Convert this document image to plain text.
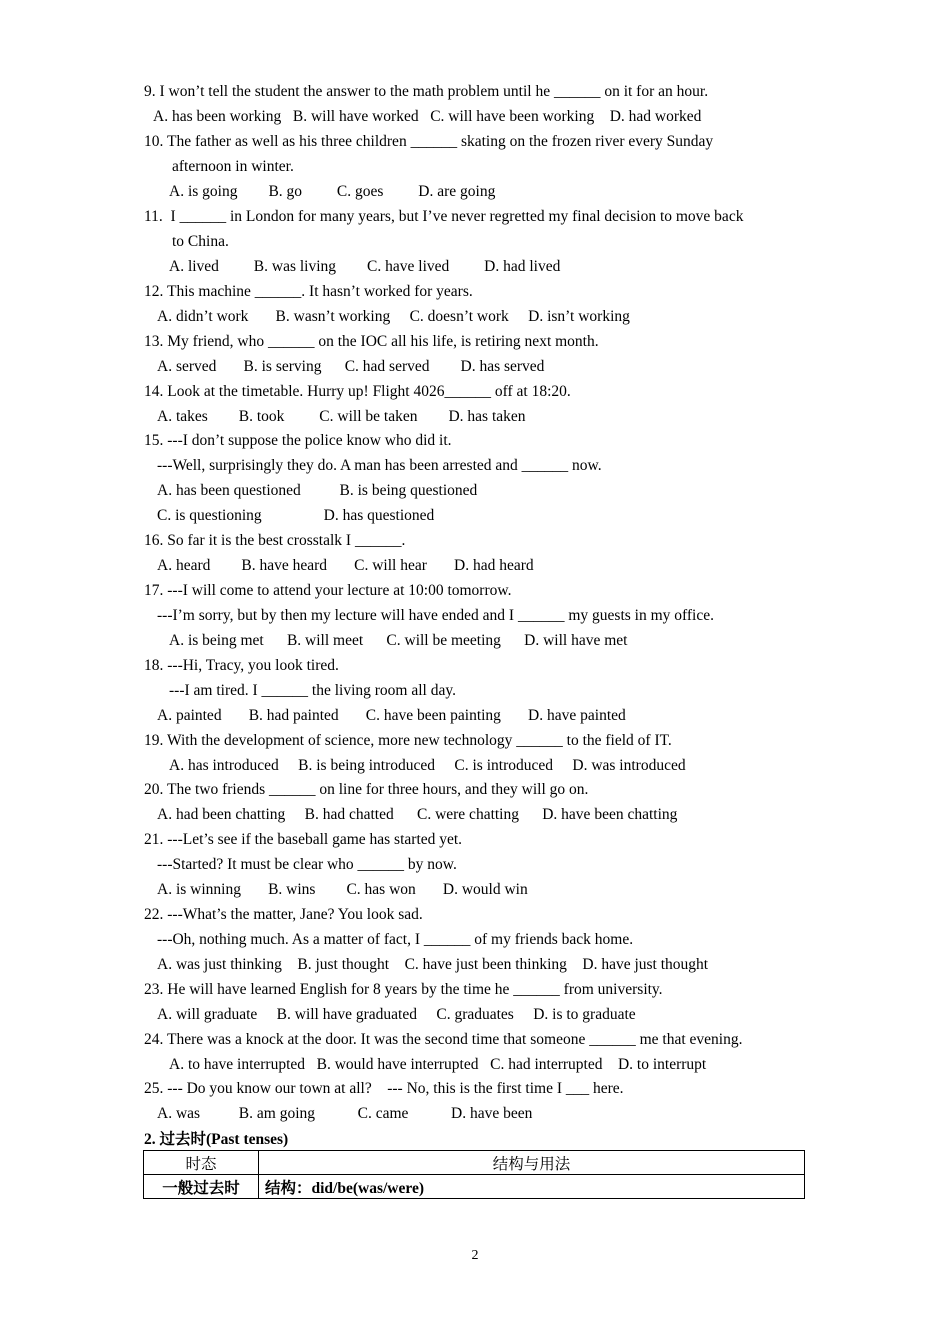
9. I won’t tell the student the answer to the math problem until he ______ on it for an hour.
A. has been working   B. will have worked   C. will have been working    D. had worked
10. The father as well as his three children ______ skating on the frozen river every Sunday
afternoon in winter.
A. is going        B. go         C. goes         D. are going
11.  I ______ in London for many years, but I’ve never regretted my final decision to move back
to China.
A. lived         B. was living        C. have lived         D. had lived
12. This machine ______. It hasn’t worked for years.
A. didn’t work       B. wasn’t working     C. doesn’t work     D. isn’t working
13. My friend, who ______ on the IOC all his life, is retiring next month.
A. served       B. is serving      C. had served        D. has served
14. Look at the timetable. Hurry up! Flight 4026______ off at 18:20.
A. takes        B. took         C. will be taken        D. has taken
15. ---I don’t suppose the police know who did it.
---Well, surprisingly they do. A man has been arrested and ______ now.
A. has been questioned          B. is being questioned
C. is questioning                D. has questioned
16. So far it is the best crosstalk I ______.
A. heard        B. have heard       C. will hear       D. had heard
17. ---I will come to attend your lecture at 10:00 tomorrow.
---I’m sorry, but by then my lecture will have ended and I ______ my guests in my office.
A. is being met      B. will meet      C. will be meeting      D. will have met
18. ---Hi, Tracy, you look tired.
---I am tired. I ______ the living room all day.
A. painted       B. had painted       C. have been painting       D. have painted
19. With the development of science, more new technology ______ to the field of IT.
A. has introduced     B. is being introduced     C. is introduced     D. was introduced
20. The two friends ______ on line for three hours, and they will go on.
A. had been chatting     B. had chatted      C. were chatting      D. have been chatting
21. ---Let’s see if the baseball game has started yet.
---Started? It must be clear who ______ by now.
A. is winning       B. wins        C. has won       D. would win
22. ---What’s the matter, Jane? You look sad.
---Oh, nothing much. As a matter of fact, I ______ of my friends back home.
A. was just thinking    B. just thought    C. have just been thinking    D. have just thought
23. He will have learned English for 8 years by the time he ______ from university.
A. will graduate     B. will have graduated     C. graduates     D. is to graduate
24. There was a knock at the door. It was the second time that someone ______ me that evening.
A. to have interrupted   B. would have interrupted   C. had interrupted    D. to interrupt
25. --- Do you know our town at all?    --- No, this is the first time I ___ here.
A. was          B. am going           C. came           D. have been
2. 过去时(Past tenses)
时态	结构与用法
一般过去时	结构：did/be(was/were)
2
